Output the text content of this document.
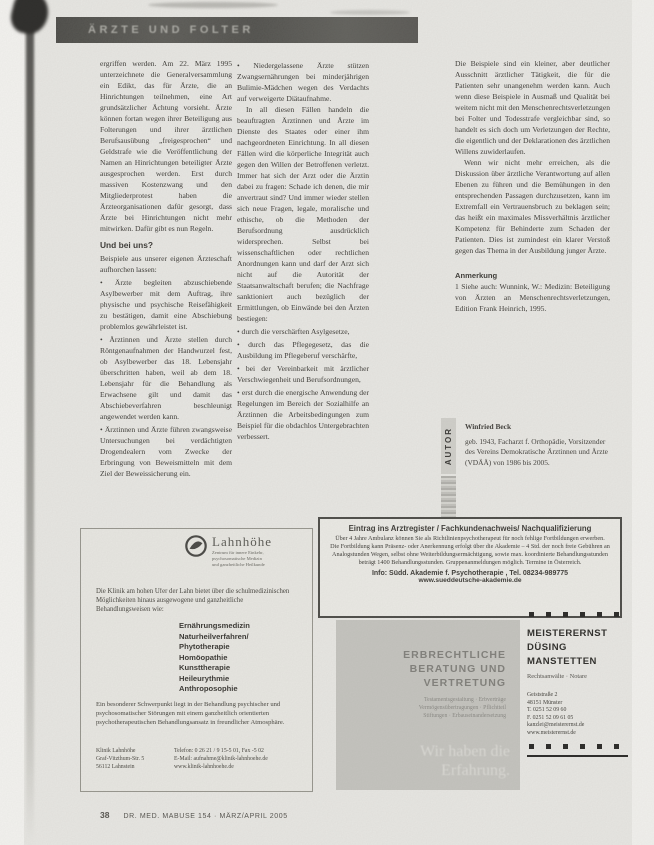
ÄRZTE UND FOLTER

ergriffen werden. Am 22. März 1995 unterzeichnete die Generalversammlung ein Edikt, das für Ärzte, die an Hinrichtungen teilnehmen, eine Art grundsätzlicher Ächtung vorsieht. Ärzte können fortan wegen ihrer Beteiligung aus Folterungen und ihrer ärztlichen Berufsausübung „freigesprochen“ und Geldstrafe wie die Veröffentlichung der Namen an Hinrichtungen beteiligter Ärzte ausgesprochen werden. Erst durch massiven Kostenzwang und den Mitgliederprotest haben die Ärzteorganisationen dafür gesorgt, dass Ärzte bei Hinrichtungen nicht mehr mitwirken. Dafür gibt es nun Regeln.

Und bei uns?

Beispiele aus unserer eigenen Ärzteschaft aufhorchen lassen:

• Ärzte begleiten abzuschiebende Asylbewerber mit dem Auftrag, ihre physische und psychische Reisefähigkeit zu bestätigen, damit eine Abschiebung problemlos gewährleistet ist.

• Ärztinnen und Ärzte stellen durch Röntgenaufnahmen der Handwurzel fest, ob Asylbewerber das 18. Lebensjahr überschritten haben, weil ab dem 18. Lebensjahr für die Behandlung als Erwachsene gilt und damit das Abschiebeverfahren beschleunigt angewendet werden kann.

• Ärztinnen und Ärzte führen zwangsweise Untersuchungen bei verdächtigten Drogendealern vom Zwecke der Erbringung von Beweismitteln mit dem Ziel der Beweissicherung ein.

• Niedergelassene Ärzte stützen Zwangsernährungen bei minderjährigen Bulimie-Mädchen wegen des Verdachts auf verweigerte Diätaufnahme.

In all diesen Fällen handeln die beauftragten Ärztinnen und Ärzte im Dienste des Staates oder einer ihm nachgeordneten Einrichtung. In all diesen Fällen wird die körperliche Integrität auch gegen den Willen der Betroffenen verletzt. Immer hat sich der Arzt oder die Ärztin dabei zu fragen: Schade ich denen, die mir anvertraut sind? Und immer wieder stellen sich neue Fragen, legale, moralische und ethische, ob die Methoden der Berufsordnung ausdrücklich widersprechen. Selbst bei wissenschaftlichen oder rechtlichen Anordnungen kann und darf der Arzt sich nicht auf die Autorität der Staatsanwaltschaft berufen; die Nachfrage sanktioniert auch bezüglich der Ermittlungen, ob Einwände bei den Ärzten bestiegen:

• durch die verschärften Asylgesetze,

• durch das Pflegegesetz, das die Ausbildung im Pflegeberuf verschärfte,

• bei der Vereinbarkeit mit ärztlicher Verschwiegenheit und Berufsordnungen,

• erst durch die energische Anwendung der Regelungen im Bereich der Sozialhilfe an Ärztinnen die Arbeitsbedingungen zum Beispiel für die obdachlos Untergebrachten verbessert.

Die Beispiele sind ein kleiner, aber deutlicher Ausschnitt ärztlicher Tätigkeit, die für die Patienten sehr unangenehm werden kann. Auch wenn diese Beispiele in Ausmaß und Qualität bei weitem nicht mit den Menschenrechtsverletzungen bei Folter und Todesstrafe vergleichbar sind, so handelt es sich doch um Verletzungen der Rechte, die eigentlich und der Deklarationen des ärztlichen Willens zuwiderlaufen.

Wenn wir nicht mehr erreichen, als die Diskussion über ärztliche Verantwortung auf allen Ebenen zu führen und die Bemühungen in den entsprechenden Passagen durchzusetzen, kann im Extremfall ein Vertrauensbruch zu beklagen sein; das heißt ein maximales Missverhältnis ärztlicher Kompetenz für Behinderte zum Schaden der Patienten. Dies ist zumindest ein klarer Verstoß gegen das Thema in der Ausbildung junger Ärzte.

Anmerkung

1 Siehe auch: Wunnink, W.: Medizin: Beteiligung von Ärzten an Menschenrechtsverletzungen, Edition Frank Heinrich, 1995.

AUTOR

Winfried Beck

geb. 1943, Facharzt f. Orthopädie, Vorsitzender des Vereins Demokratische Ärztinnen und Ärzte (VDÄÄ) von 1986 bis 2005.

Lahnhöhe
Zentrum für innere Einkehr,
psychosomatische Medizin
und ganzheitliche Heilkunde
Die Klinik am hohen Ufer der Lahn bietet über die schulmedizinischen Möglichkeiten hinaus ausgewogene und ganzheitliche Behandlungsweisen wie:
Ernährungsmedizin
Naturheilverfahren/
Phytotherapie
Homöopathie
Kunsttherapie
Heileurythmie
Anthroposophie
Ein besonderer Schwerpunkt liegt in der Behandlung psychischer und psychosomatischer Störungen mit einem ganzheitlich orientierten psychotherapeutischen Behandlungsansatz in freundlicher Atmosphäre.
Klinik Lahnhöhe
Graf-Vitzthum-Str. 5
56112 Lahnstein
Telefon: 0 26 21 / 9 15-5 01, Fax -5 02
E-Mail: aufnahme@klinik-lahnhoehe.de
www.klinik-lahnhoehe.de
Eintrag ins Arztregister / Fachkundenachweis/ Nachqualifizierung
Über 4 Jahre Ambulanz können Sie als Richtlinienpsychotherapeut für noch fehlige Fortbildungen erwerben. Die Fortbildung kann Präsenz- oder Anerkennung erfolgt über die Akademie – 4 Std. der noch freie Gebühren an Analogstunden Wegen, selbst ohne Weiterbildungsermächtigung, sowie max. koordinierte Behandlungsstunden beträgt 1400 Behandlungsstunden. Gruppenanmeldungen möglich. Termine in Österreich.
Info: Südd. Akademie f. Psychotherapie , Tel. 08234-989775
www.sueddeutsche-akademie.de
ERBRECHTLICHE
BERATUNG UND
VERTRETUNG
Testamentsgestaltung · Erbverträge
Vermögensübertragungen · Pflichtteil
Stiftungen · Erbauseinandersetzung
Wir haben die
Erfahrung.
MEISTERERNST
DÜSING
MANSTETTEN
Rechtsanwälte · Notare
Geiststraße 2
48151 Münster
T. 0251 52 09 60
F. 0251 52 09 61 05
kanzlei@meisterernst.de
www.meisterernst.de
38 DR. MED. MABUSE 154 · MÄRZ/APRIL 2005
